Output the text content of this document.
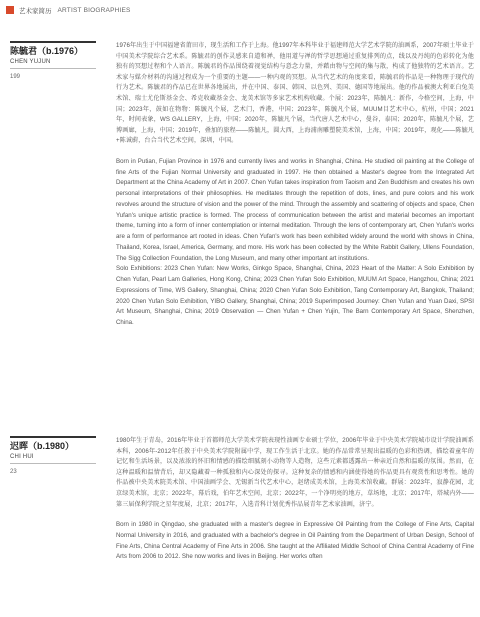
艺术家简历 ARTIST BIOGRAPHIES
陈毓君（b.1976）
CHEN YUJUN
199

1976年出生于中国福建省莆田市，现生活和工作于上海。他1997年本科毕业于福建师范大学艺术学院的油画系，2007年硕士毕业于中国美术学院综合艺术系。陈毓君的创作灵感来自道和禅，他用道与禅的哲学思想通过重复排列的点，线以及丹纯的色彩转化为他独有的冥想过程和个人语言。陈毓君的作品围绕着视觉结构与意念力量，并藉由物与空间的集与散，构成了他独特的艺术语言。艺术家与媒介材料的沟通过程成为一个重要的主题——一种内观的冥想。从当代艺术的角度来看，陈毓君的作品是一种物理于现代的行为艺术。陈毓君的作品已在世界各地展出，并在中国、泰国、韩国、以色列、美国、德国等地展出。他的作品被澳大利亚白兔美术馆、瑞士尤伦斯基金会、希克收藏基金会、龙美术馆等多家艺术机构收藏。个展：2023年，陈毓凡：新作，今格空间，上海，中国；2023年，鼓如在物物：陈毓凡个展，艺术门，香港，中国；2023年，陈毓凡个展，MUUM目艺术中心，杭州，中国；2021年，时间表象，WS GALLERY，上海，中国；2020年，陈毓凡个展，当代唐人艺术中心，曼谷，泰国；2020年，陈毓凡个展，艺博画廊，上海，中国；2019年，叠加的旅程——陈毓凡，圆大西，上海浦南雕塑院美术馆，上海，中国；2019年，观化——陈毓凡+陈诚蔚，台合当代艺术空间，深圳，中国。

Born in Putian, Fujian Province in 1976 and currently lives and works in Shanghai, China. He studied oil painting at the College of fine Arts of the Fujian Normal University and graduated in 1997. He then obtained a Master's degree from the Integrated Art Department at the China Academy of Art in 2007. Chen Yufan takes inspiration from Taoism and Zen Buddhism and creates his own personal interpretations of their philosophies. He meditates through the repetition of dots, lines, and pure colors and his work revolves around the structure of vision and the power of the mind. Through the assembly and scattering of objects and space, Chen Yufan's unique artistic practice is formed. The process of communication between the artist and material becomes an important theme, turning into a form of inner contemplation or internal meditation. Through the lens of contemporary art, Chen Yufan's works are a form of performance art rooted in ideas. Chen Yufan's work has been exhibited widely around the world with shows in China, Thailand, Korea, Israel, America, Germany, and more. His work has been collected by the White Rabbit Gallery, Ullens Foundation, The Sigg Collection Foundation, the Long Museum, and many other important art institutions.

Solo Exhibitions: 2023 Chen Yufan: New Works, Ginkgo Space, Shanghai, China, 2023 Heart of the Matter: A Solo Exhibition by Chen Yufan, Pearl Lam Galleries, Hong Kong, China; 2023 Chen Yufan Solo Exhibition, MUUM Art Space, Hangzhou, China; 2021 Expressions of Time, WS Gallery, Shanghai, China; 2020 Chen Yufan Solo Exhibition, Tang Contemporary Art, Bangkok, Thailand; 2020 Chen Yufan Solo Exhibition, YIBO Gallery, Shanghai, China; 2019 Superimposed Journey: Chen Yufan and Yuan Daxi, SPSI Art Museum, Shanghai, China; 2019 Observation — Chen Yufan + Chen Yujin, The Barn Contemporary Art Space, Shenzhen, China.

迟晖（b.1980）
CHI HUI
23

1980年生于青岛，2016年毕业于首都师范大学美术学院表现性油画专业硕士学位，2006年毕业于中央美术学院城市设计学院油画系本科，2006年-2012年任教于中央美术学院附属中学，现工作生活于北京。她的作品常常呈现出温暖的色彩和热调，描绘着童年的记忆和生活场景，以及浓浓的怀旧和情感的描绘细腻刻小动物等人造物，这些元素都透露出一种亲近自然和温暖的氛围。然而，在这种温暖和温情背后，却又隐藏着一种孤独和内心深处的探寻。这种复杂的情感和内涵使得她的作品更具有观赏性和思考性。她的作品被中央美术院美术馆、中国油画学会、无锡新当代艺术中心，赵绪成美术馆，上海美术馆收藏。群展：2023年，寂静花园，北京绿美术馆，北京；2022年，幕后戏，伯年艺术空间，北京；2022年，一个净明亮的地方，草场地，北京；2017年，塔城内外——第三届保利学院之星年度展，北京；2017年，入选青科计划优秀作品展青年艺术家油画，济宁。

Born in 1980 in Qingdao, she graduated with a master's degree in Expressive Oil Painting from the College of Fine Arts, Capital Normal University in 2016, and graduated with a bachelor's degree in Oil Painting from the Department of Urban Design, School of Fine Arts, China Central Academy of Fine Arts in 2006. She taught at the Affiliated Middle School of China Central Academy of Fine Arts from 2006 to 2012. She now works and lives in Beijing. Her works often
